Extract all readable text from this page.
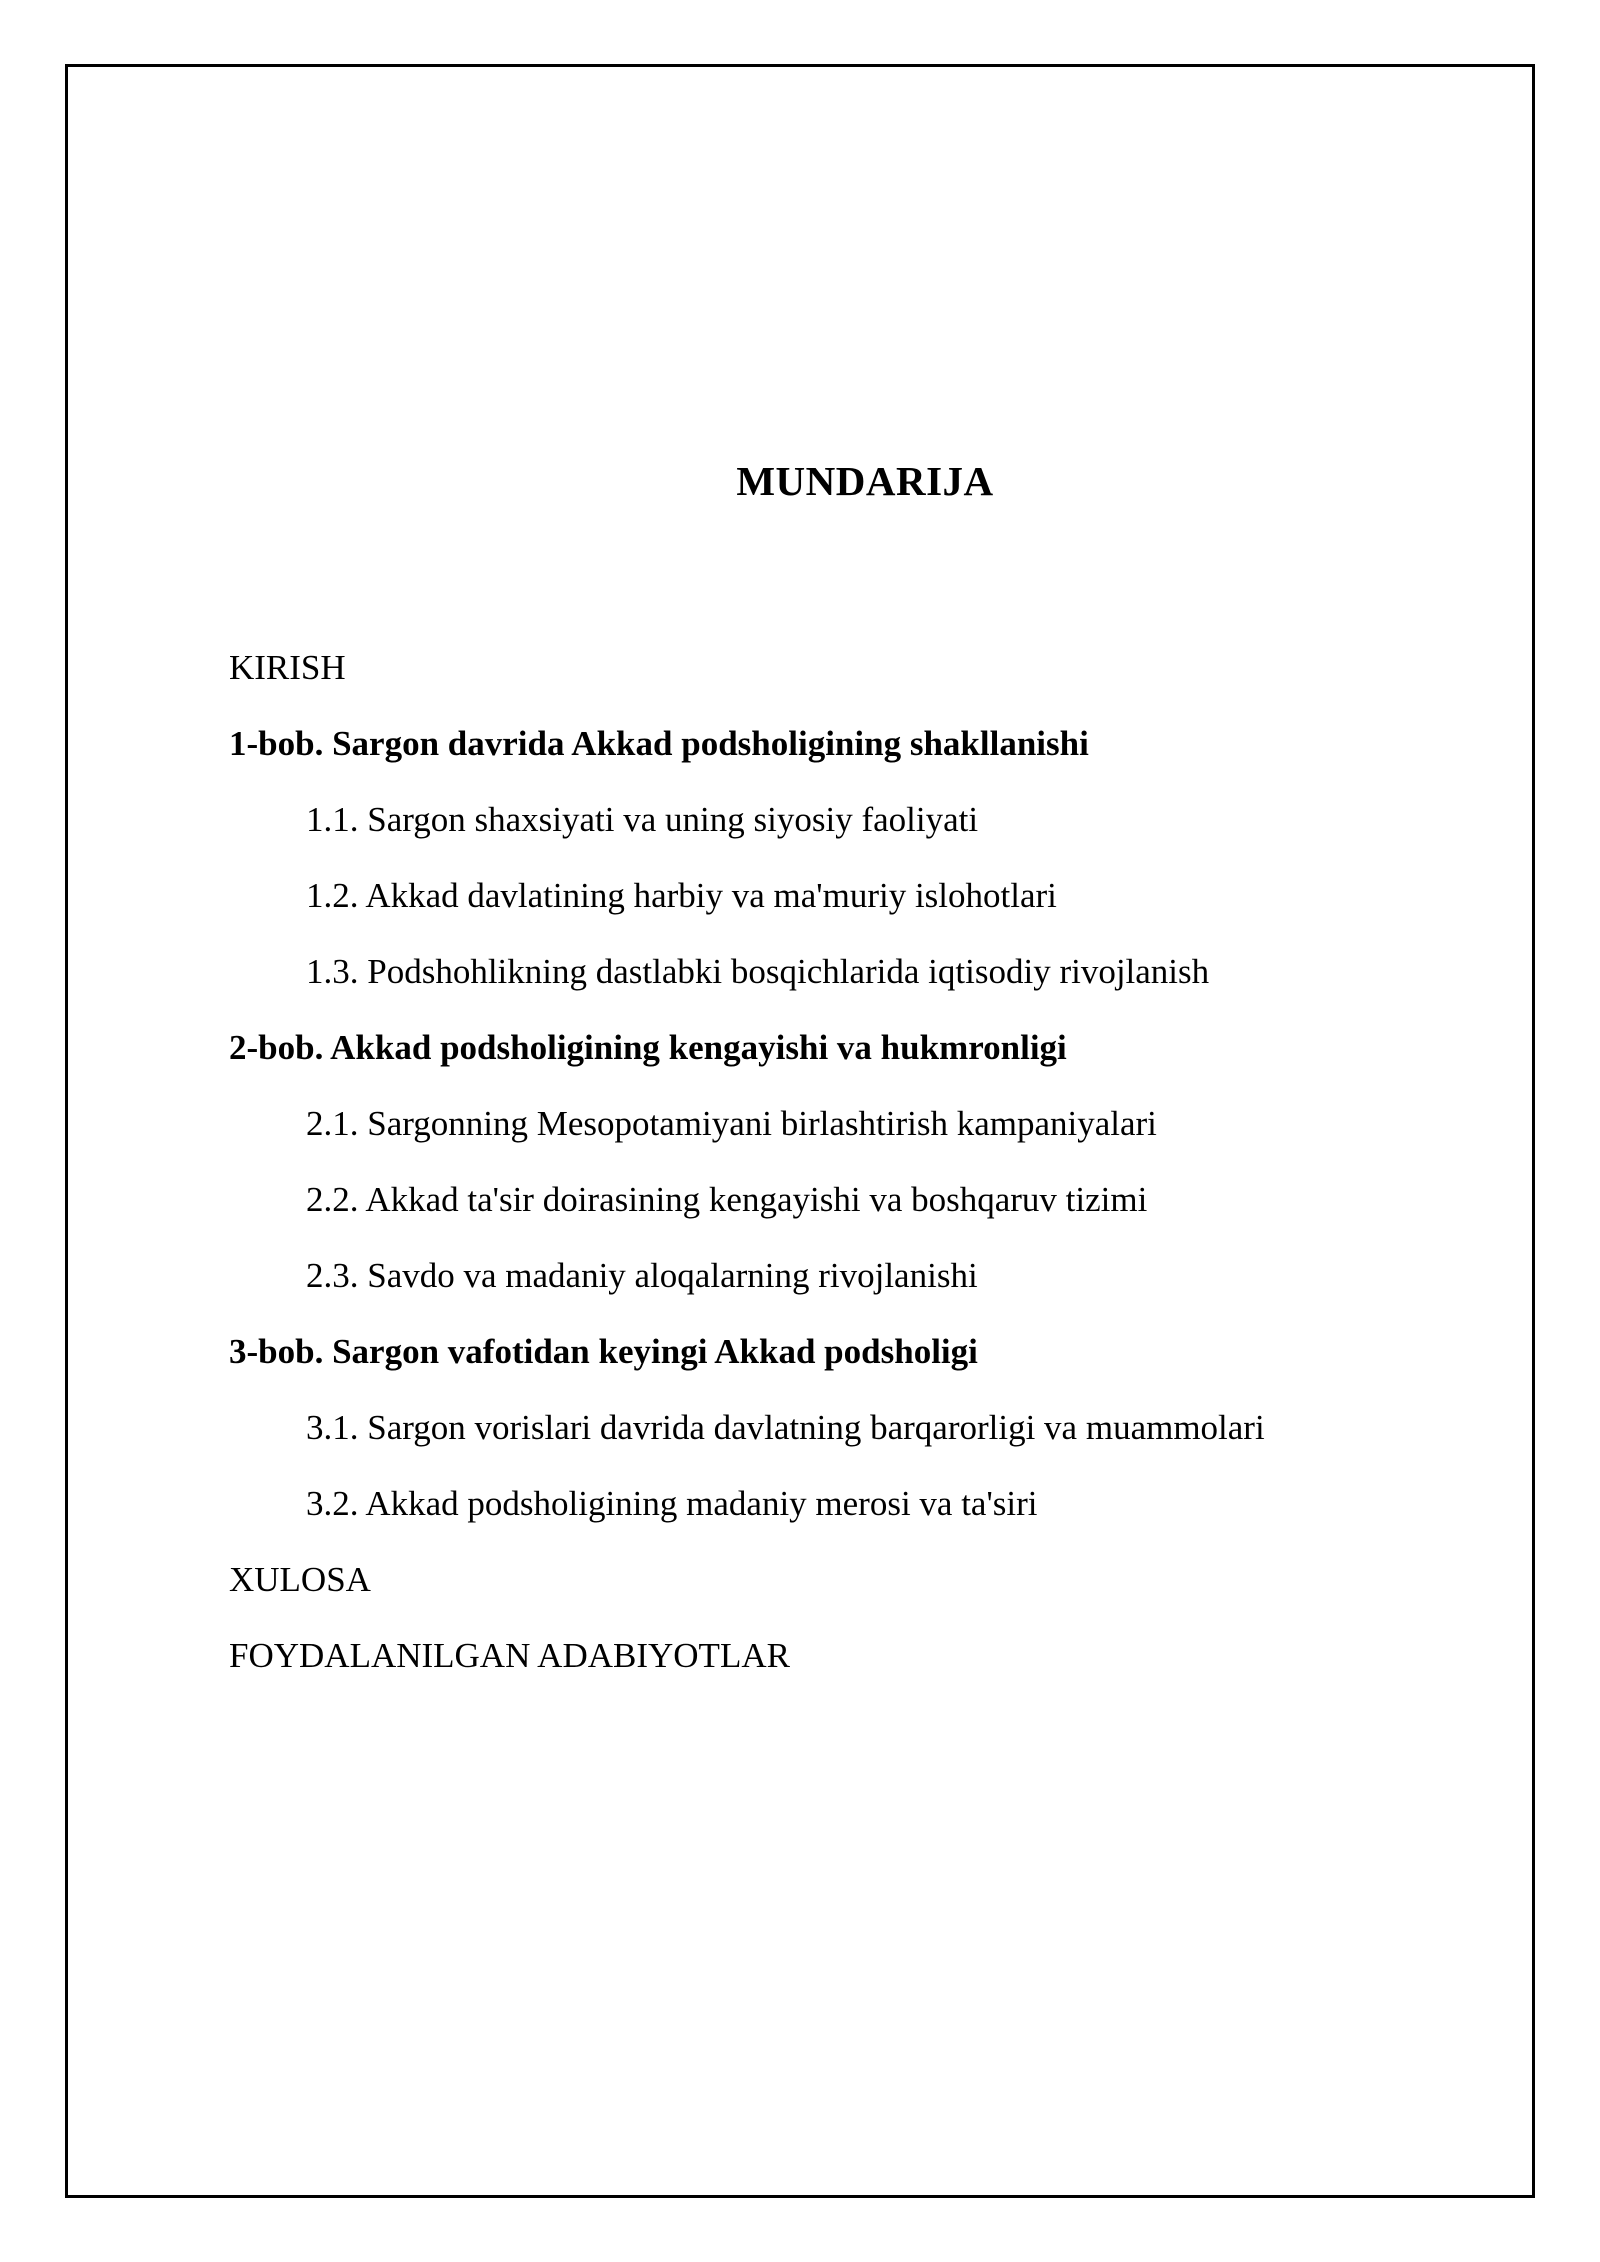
MUNDARIJA
KIRISH
1-bob. Sargon davrida Akkad podsholigining shakllanishi
1.1. Sargon shaxsiyati va uning siyosiy faoliyati
1.2. Akkad davlatining harbiy va ma'muriy islohotlari
1.3. Podshohlikning dastlabki bosqichlarida iqtisodiy rivojlanish
2-bob. Akkad podsholigining kengayishi va hukmronligi
2.1. Sargonning Mesopotamiyani birlashtirish kampaniyalari
2.2. Akkad ta'sir doirasining kengayishi va boshqaruv tizimi
2.3. Savdo va madaniy aloqalarning rivojlanishi
3-bob. Sargon vafotidan keyingi Akkad podsholigi
3.1. Sargon vorislari davrida davlatning barqarorligi va muammolari
3.2. Akkad podsholigining madaniy merosi va ta'siri
XULOSA
FOYDALANILGAN ADABIYOTLAR
